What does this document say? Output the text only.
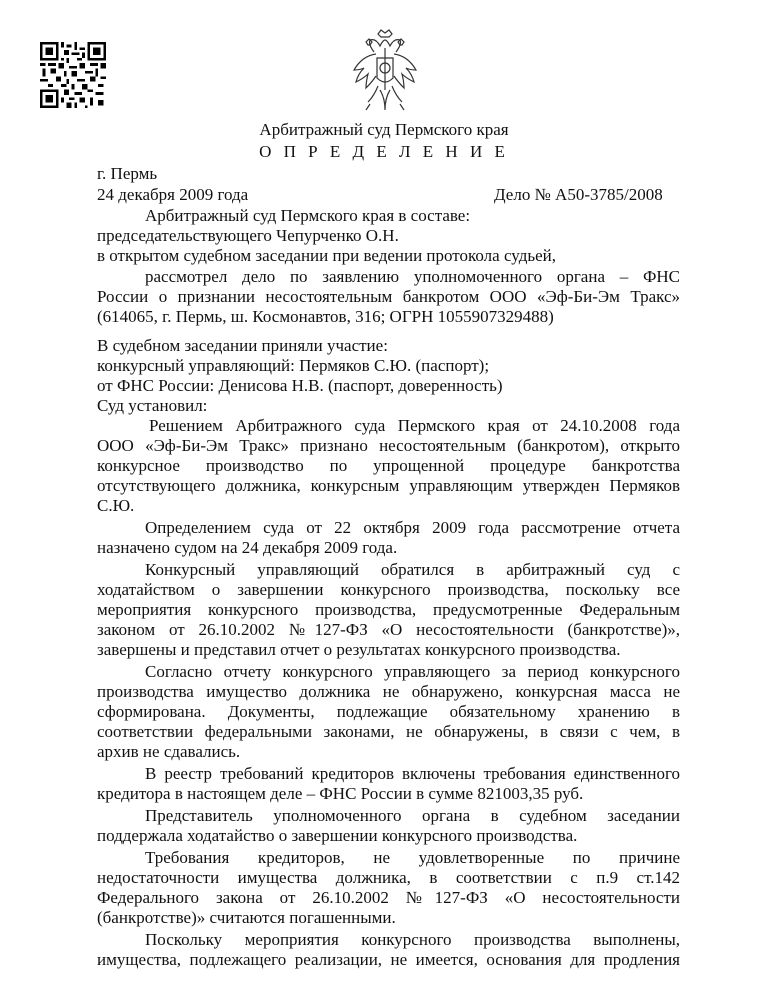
Арбитражный суд Пермского края
О П Р Е Д Е Л Е Н И Е
г. Пермь
24 декабря 2009 года	Дело № А50-3785/2008
Арбитражный суд Пермского края в составе:
председательствующего Чепурченко О.Н.
в открытом судебном заседании при ведении протокола судьей,
рассмотрел дело по заявлению уполномоченного органа – ФНС
России о признании несостоятельным банкротом ООО «Эф-Би-Эм Тракс»
(614065, г. Пермь, ш. Космонавтов, 316; ОГРН 1055907329488)
В судебном заседании приняли участие:
конкурсный управляющий: Пермяков С.Ю. (паспорт);
от ФНС России: Денисова Н.В. (паспорт, доверенность)
Суд установил:
Решением Арбитражного суда Пермского края от 24.10.2008 года
ООО «Эф-Би-Эм Тракс» признано несостоятельным (банкротом), открыто
конкурсное производство по упрощенной процедуре банкротства
отсутствующего должника, конкурсным управляющим утвержден Пермяков
С.Ю.
Определением суда от 22 октября 2009 года рассмотрение отчета
назначено судом на 24 декабря 2009 года.
Конкурсный управляющий обратился в арбитражный суд с
ходатайством о завершении конкурсного производства, поскольку все
мероприятия конкурсного производства, предусмотренные Федеральным
законом от 26.10.2002 №127-ФЗ «О несостоятельности (банкротстве)»,
завершены и представил отчет о результатах конкурсного производства.
Согласно отчету конкурсного управляющего за период конкурсного
производства имущество должника не обнаружено, конкурсная масса не
сформирована. Документы, подлежащие обязательному хранению в
соответствии федеральными законами, не обнаружены, в связи с чем, в
архив не сдавались.
В реестр требований кредиторов включены требования единственного
кредитора в настоящем деле – ФНС России в сумме 821003,35 руб.
Представитель уполномоченного органа в судебном заседании
поддержала ходатайство о завершении конкурсного производства.
Требования кредиторов, не удовлетворенные по причине
недостаточности имущества должника, в соответствии с п.9 ст.142
Федерального закона от 26.10.2002 №127-ФЗ «О несостоятельности
(банкротстве)» считаются погашенными.
Поскольку мероприятия конкурсного производства выполнены,
имущества, подлежащего реализации, не имеется, основания для продления
